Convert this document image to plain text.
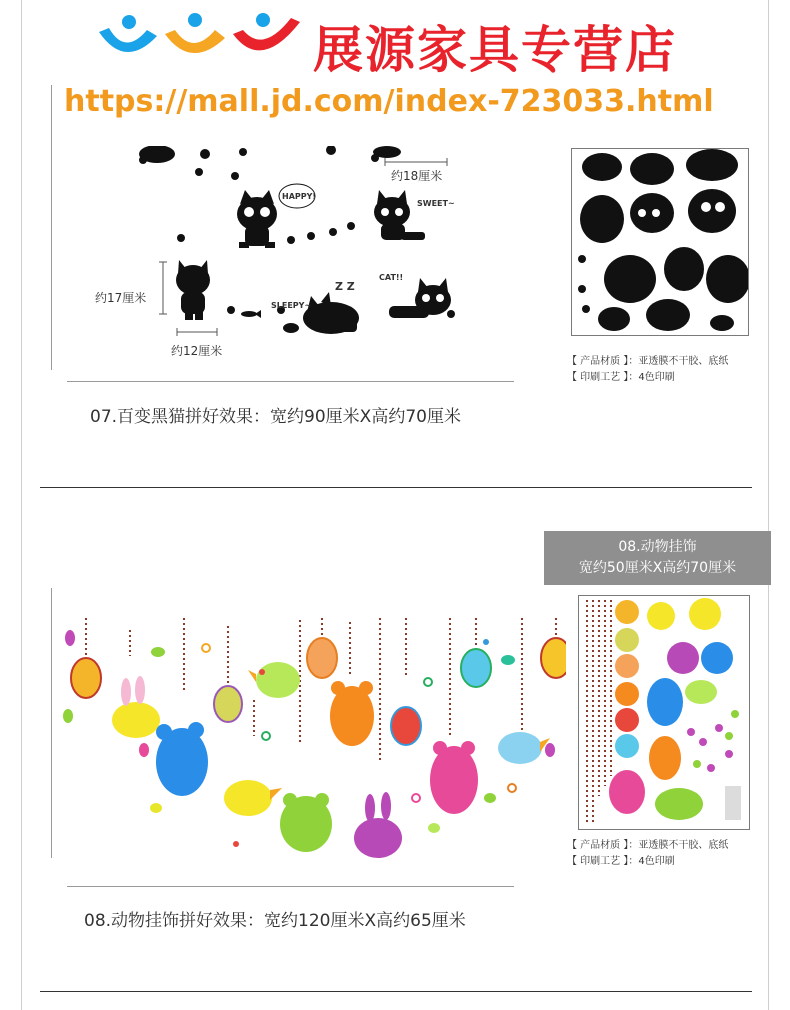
展源家具专营店
https://mall.jd.com/index-723033.html
约18厘米
HAPPY!
SWEET~
约17厘米
约12厘米
SLEEPY~
Z Z
CAT!!
【 产品材质 】：亚透膜不干胶、底纸
【 印刷工艺 】：4色印刷
07.百变黑猫拼好效果：宽约90厘米X高约70厘米
08.动物挂饰
宽约50厘米X高约70厘米
【 产品材质 】：亚透膜不干胶、底纸
【 印刷工艺 】：4色印刷
08.动物挂饰拼好效果：宽约120厘米X高约65厘米
